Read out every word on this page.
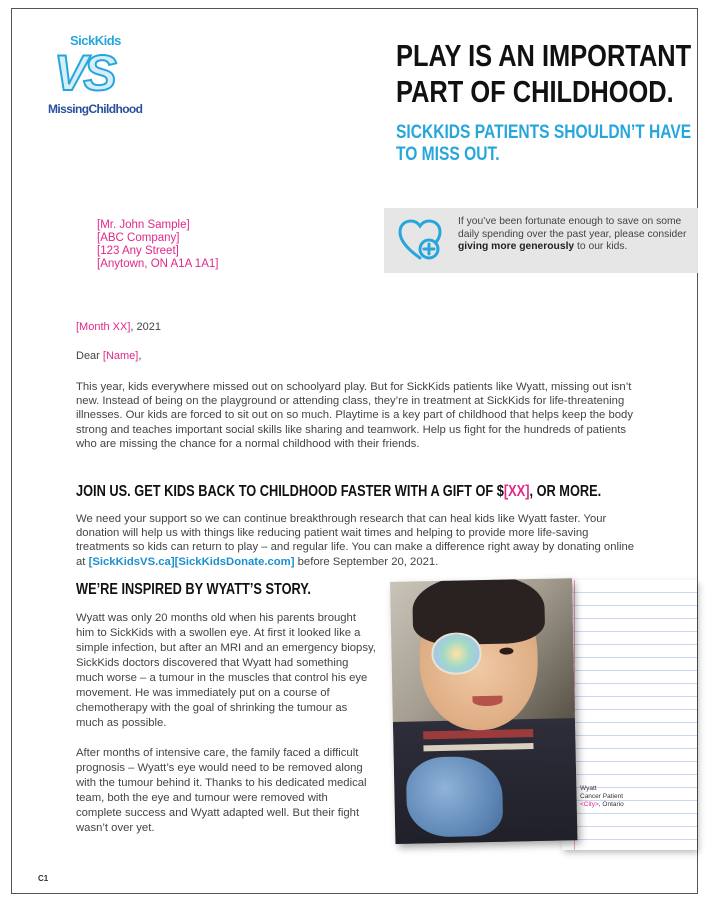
SickKids
VS
MissingChildhood
PLAY IS AN IMPORTANT
PART OF CHILDHOOD.
SICKKIDS PATIENTS SHOULDN’T HAVE
TO MISS OUT.
[Mr. John Sample]
[ABC Company]
[123 Any Street]
[Anytown, ON A1A 1A1]
If you’ve been fortunate enough to save on some daily spending over the past year, please consider giving more generously to our kids.
[Month XX], 2021
Dear [Name],
This year, kids everywhere missed out on schoolyard play. But for SickKids patients like Wyatt, missing out isn’t new. Instead of being on the playground or attending class, they’re in treatment at SickKids for life-threatening illnesses. Our kids are forced to sit out on so much. Playtime is a key part of childhood that helps keep the body strong and teaches important social skills like sharing and teamwork. Help us fight for the hundreds of patients who are missing the chance for a normal childhood with their friends.
JOIN US. GET KIDS BACK TO CHILDHOOD FASTER WITH A GIFT OF $[XX], OR MORE.
We need your support so we can continue breakthrough research that can heal kids like Wyatt faster. Your donation will help us with things like reducing patient wait times and helping to provide more life-saving treatments so kids can return to play – and regular life. You can make a difference right away by donating online at [SickKidsVS.ca][SickKidsDonate.com] before September 20, 2021.
WE’RE INSPIRED BY WYATT’S STORY.

Wyatt was only 20 months old when his parents brought him to SickKids with a swollen eye. At first it looked like a simple infection, but after an MRI and an emergency biopsy, SickKids doctors discovered that Wyatt had something much worse – a tumour in the muscles that control his eye movement. He was immediately put on a course of chemotherapy with the goal of shrinking the tumour as much as possible.

After months of intensive care, the family faced a difficult prognosis – Wyatt’s eye would need to be removed along with the tumour behind it. Thanks to his dedicated medical team, both the eye and tumour were removed with complete success and Wyatt adapted well. But their fight wasn’t over yet.

Wyatt
Cancer Patient
<City>, Ontario
C1
